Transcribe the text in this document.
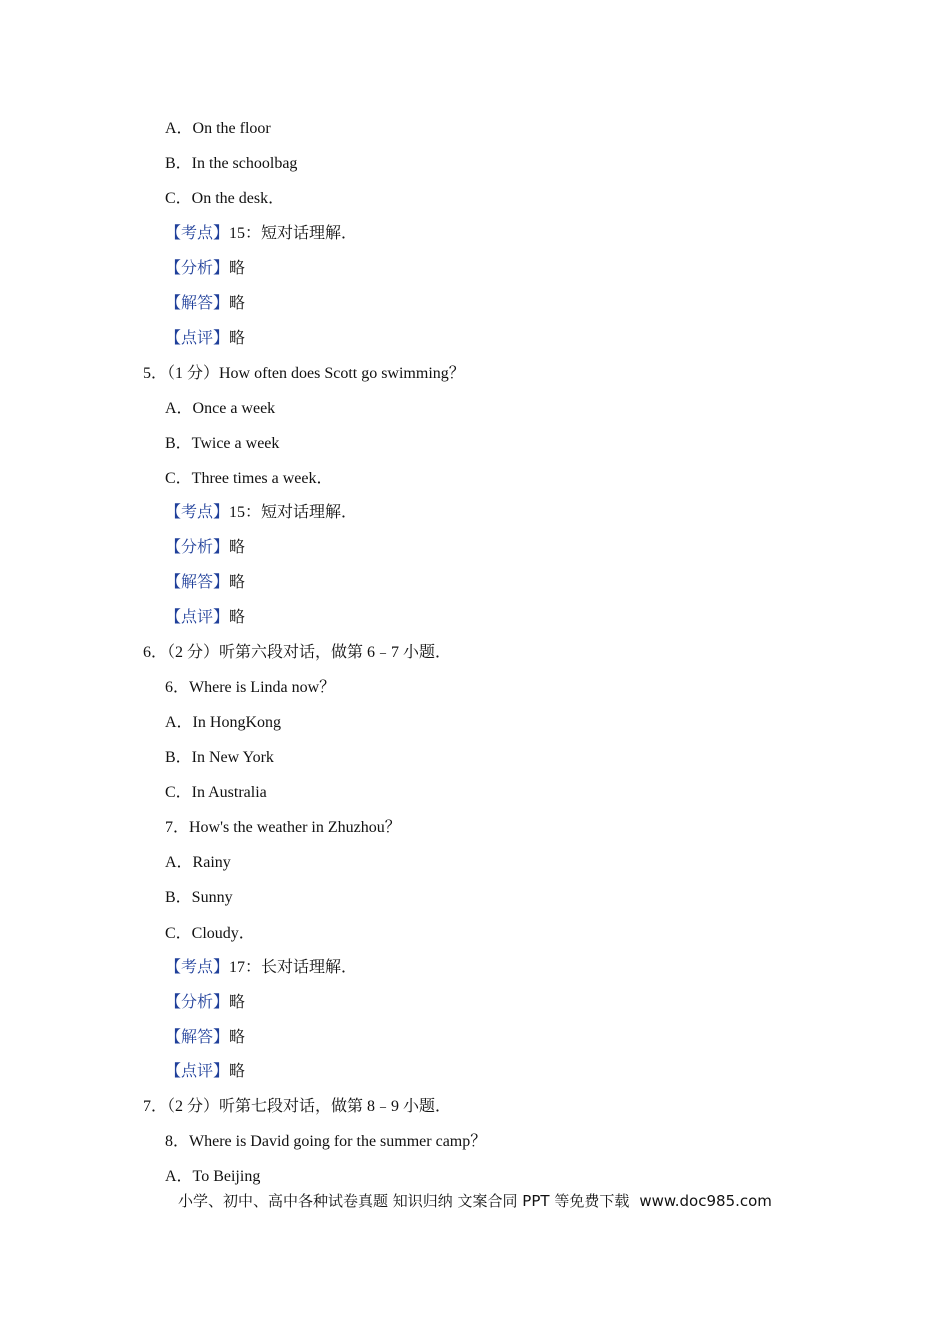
A．On the floor
B．In the schoolbag
C．On the desk．
【考点】15：短对话理解．
【分析】略
【解答】略
【点评】略
5．（1 分）How often does Scott go swimming？
A．Once a week
B．Twice a week
C．Three times a week．
【考点】15：短对话理解．
【分析】略
【解答】略
【点评】略
6．（2 分）听第六段对话，做第 6﹣7 小题．
6．Where is Linda now？
A．In HongKong
B．In New York
C．In Australia
7．How's the weather in Zhuzhou？
A．Rainy
B．Sunny
C．Cloudy．
【考点】17：长对话理解．
【分析】略
【解答】略
【点评】略
7．（2 分）听第七段对话，做第 8﹣9 小题．
8．Where is David going for the summer camp？
A．To Beijing
小学、初中、高中各种试卷真题 知识归纳 文案合同 PPT 等免费下载 www.doc985.com
